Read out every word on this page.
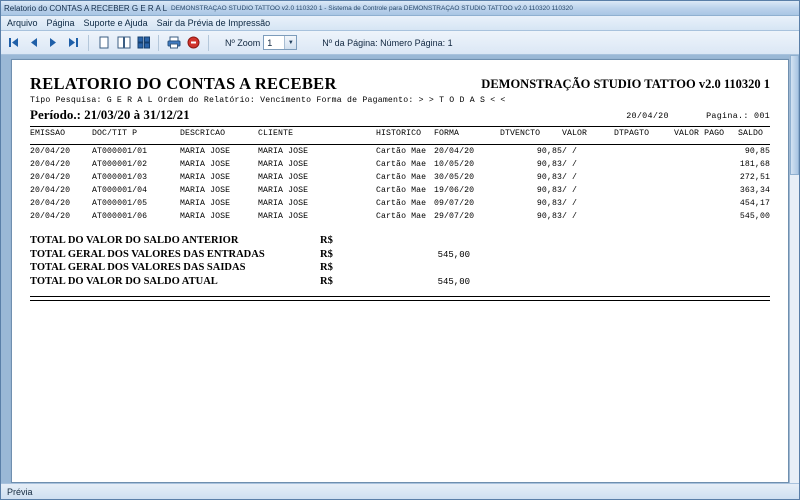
Relatorio do CONTAS A RECEBER G E R A L DEMONSTRAÇÃO STUDIO TATTOO v2.0 110320 1 - Sistema de Controle para DEMONSTRAÇÃO STUDIO TATTOO v2.0 110320 110320
Arquivo	Página	Suporte e Ajuda	Sair da Prévia de Impressão
Nº Zoom 1	▼	Nº da Página: Número Página: 1
RELATORIO DO CONTAS A RECEBER	DEMONSTRAÇÃO STUDIO TATTOO v2.0 110320 1
Tipo Pesquisa: G E R A L Ordem do Relatório: Vencimento Forma de Pagamento: > > T O D A S < <
Período.: 21/03/20 à 31/12/21	20/04/20	Pagina.: 001
EMISSAO	DOC/TIT P	DESCRICAO	CLIENTE	HISTORICO	FORMA	DTVENCTO	VALOR	DTPAGTO	VALOR PAGO	SALDO
20/04/20	AT000001/01	MARIA JOSE	MARIA JOSE	Cartão Mae	20/04/20	90,85	/ /		90,85
20/04/20	AT000001/02	MARIA JOSE	MARIA JOSE	Cartão Mae	10/05/20	90,83	/ /		181,68
20/04/20	AT000001/03	MARIA JOSE	MARIA JOSE	Cartão Mae	30/05/20	90,83	/ /		272,51
20/04/20	AT000001/04	MARIA JOSE	MARIA JOSE	Cartão Mae	19/06/20	90,83	/ /		363,34
20/04/20	AT000001/05	MARIA JOSE	MARIA JOSE	Cartão Mae	09/07/20	90,83	/ /		454,17
20/04/20	AT000001/06	MARIA JOSE	MARIA JOSE	Cartão Mae	29/07/20	90,83	/ /		545,00
TOTAL DO VALOR DO SALDO ANTERIOR	R$
TOTAL GERAL DOS VALORES DAS ENTRADAS	R$	545,00
TOTAL GERAL DOS VALORES DAS SAIDAS	R$
TOTAL DO VALOR DO SALDO ATUAL	R$	545,00
Prévia
